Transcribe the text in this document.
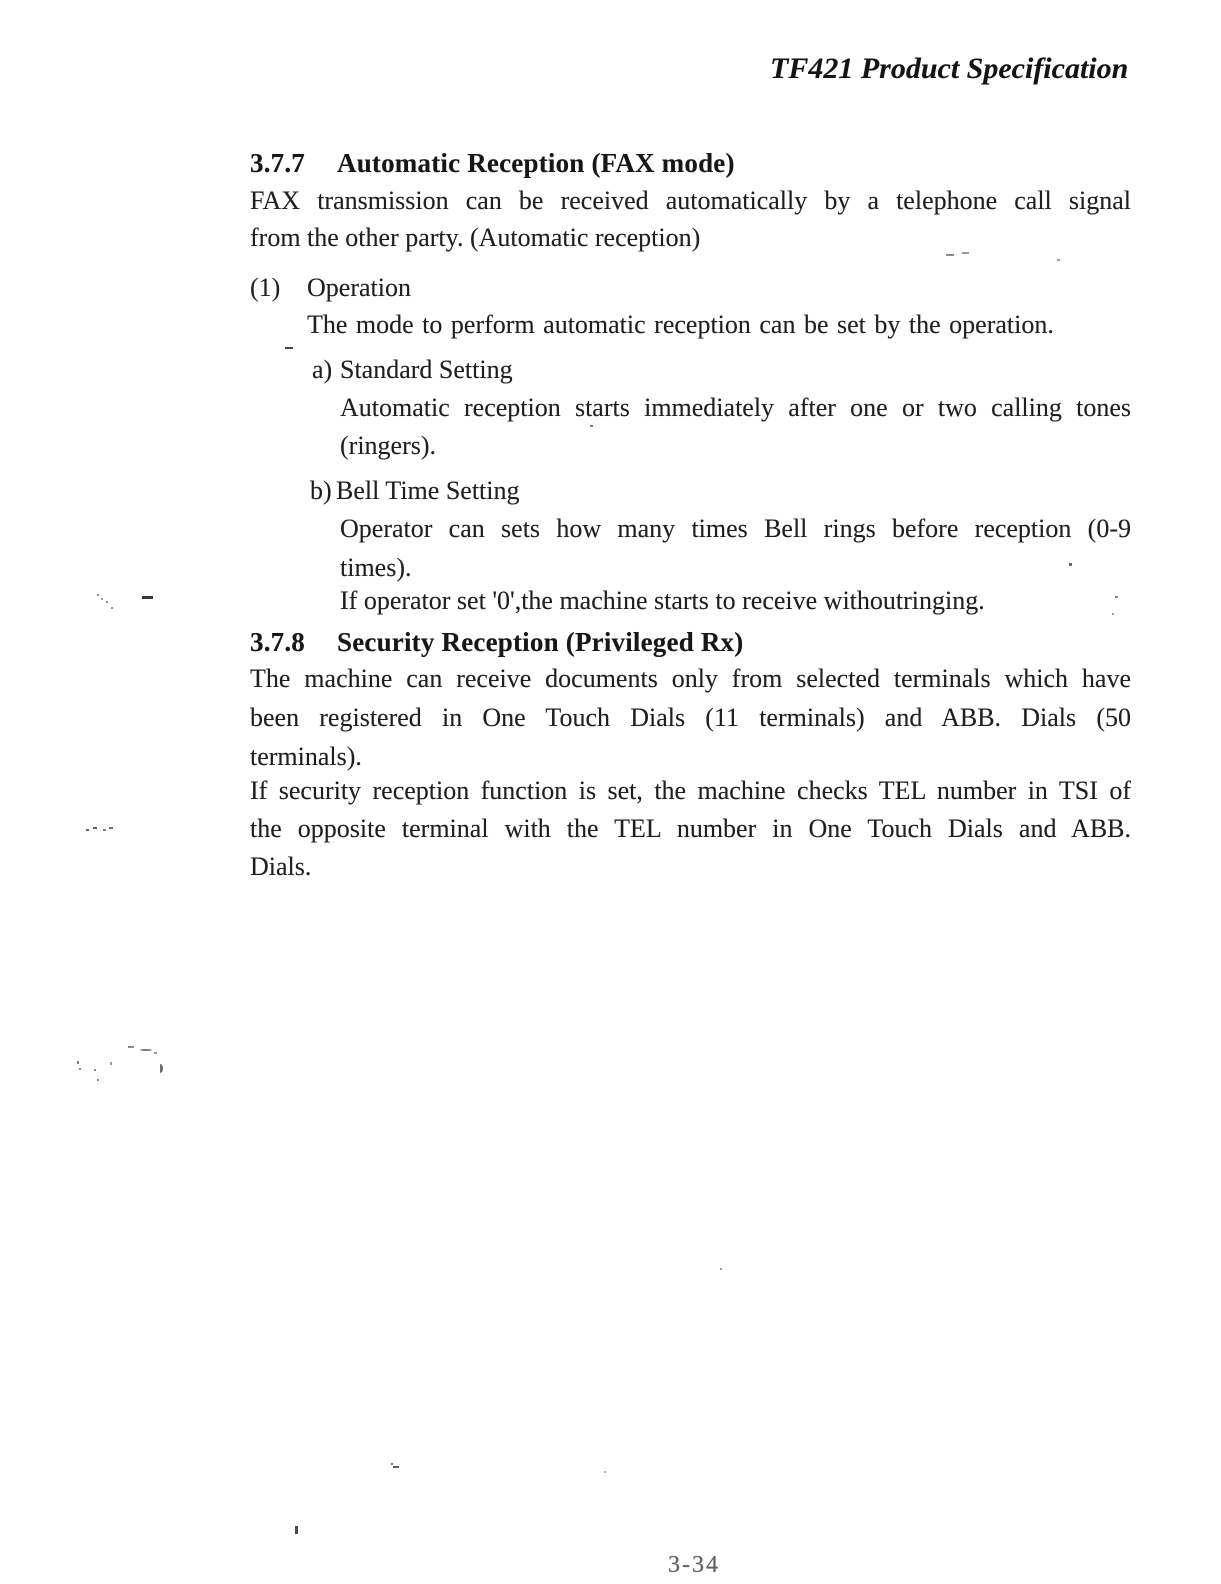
TF421 Product Specification
3.7.7 Automatic Reception (FAX mode)
FAX transmission can be received automatically by a telephone call signal
from the other party. (Automatic reception)
(1) Operation
The mode to perform automatic reception can be set by the operation.
a) Standard Setting
Automatic reception starts immediately after one or two calling tones
(ringers).
b) Bell Time Setting
Operator can sets how many times Bell rings before reception (0-9
times).
If operator set '0',the machine starts to receive withoutringing.
3.7.8 Security Reception (Privileged Rx)
The machine can receive documents only from selected terminals which have
been registered in One Touch Dials (11 terminals) and ABB. Dials (50
terminals).
If security reception function is set, the machine checks TEL number in TSI of
the opposite terminal with the TEL number in One Touch Dials and ABB.
Dials.
3-34
